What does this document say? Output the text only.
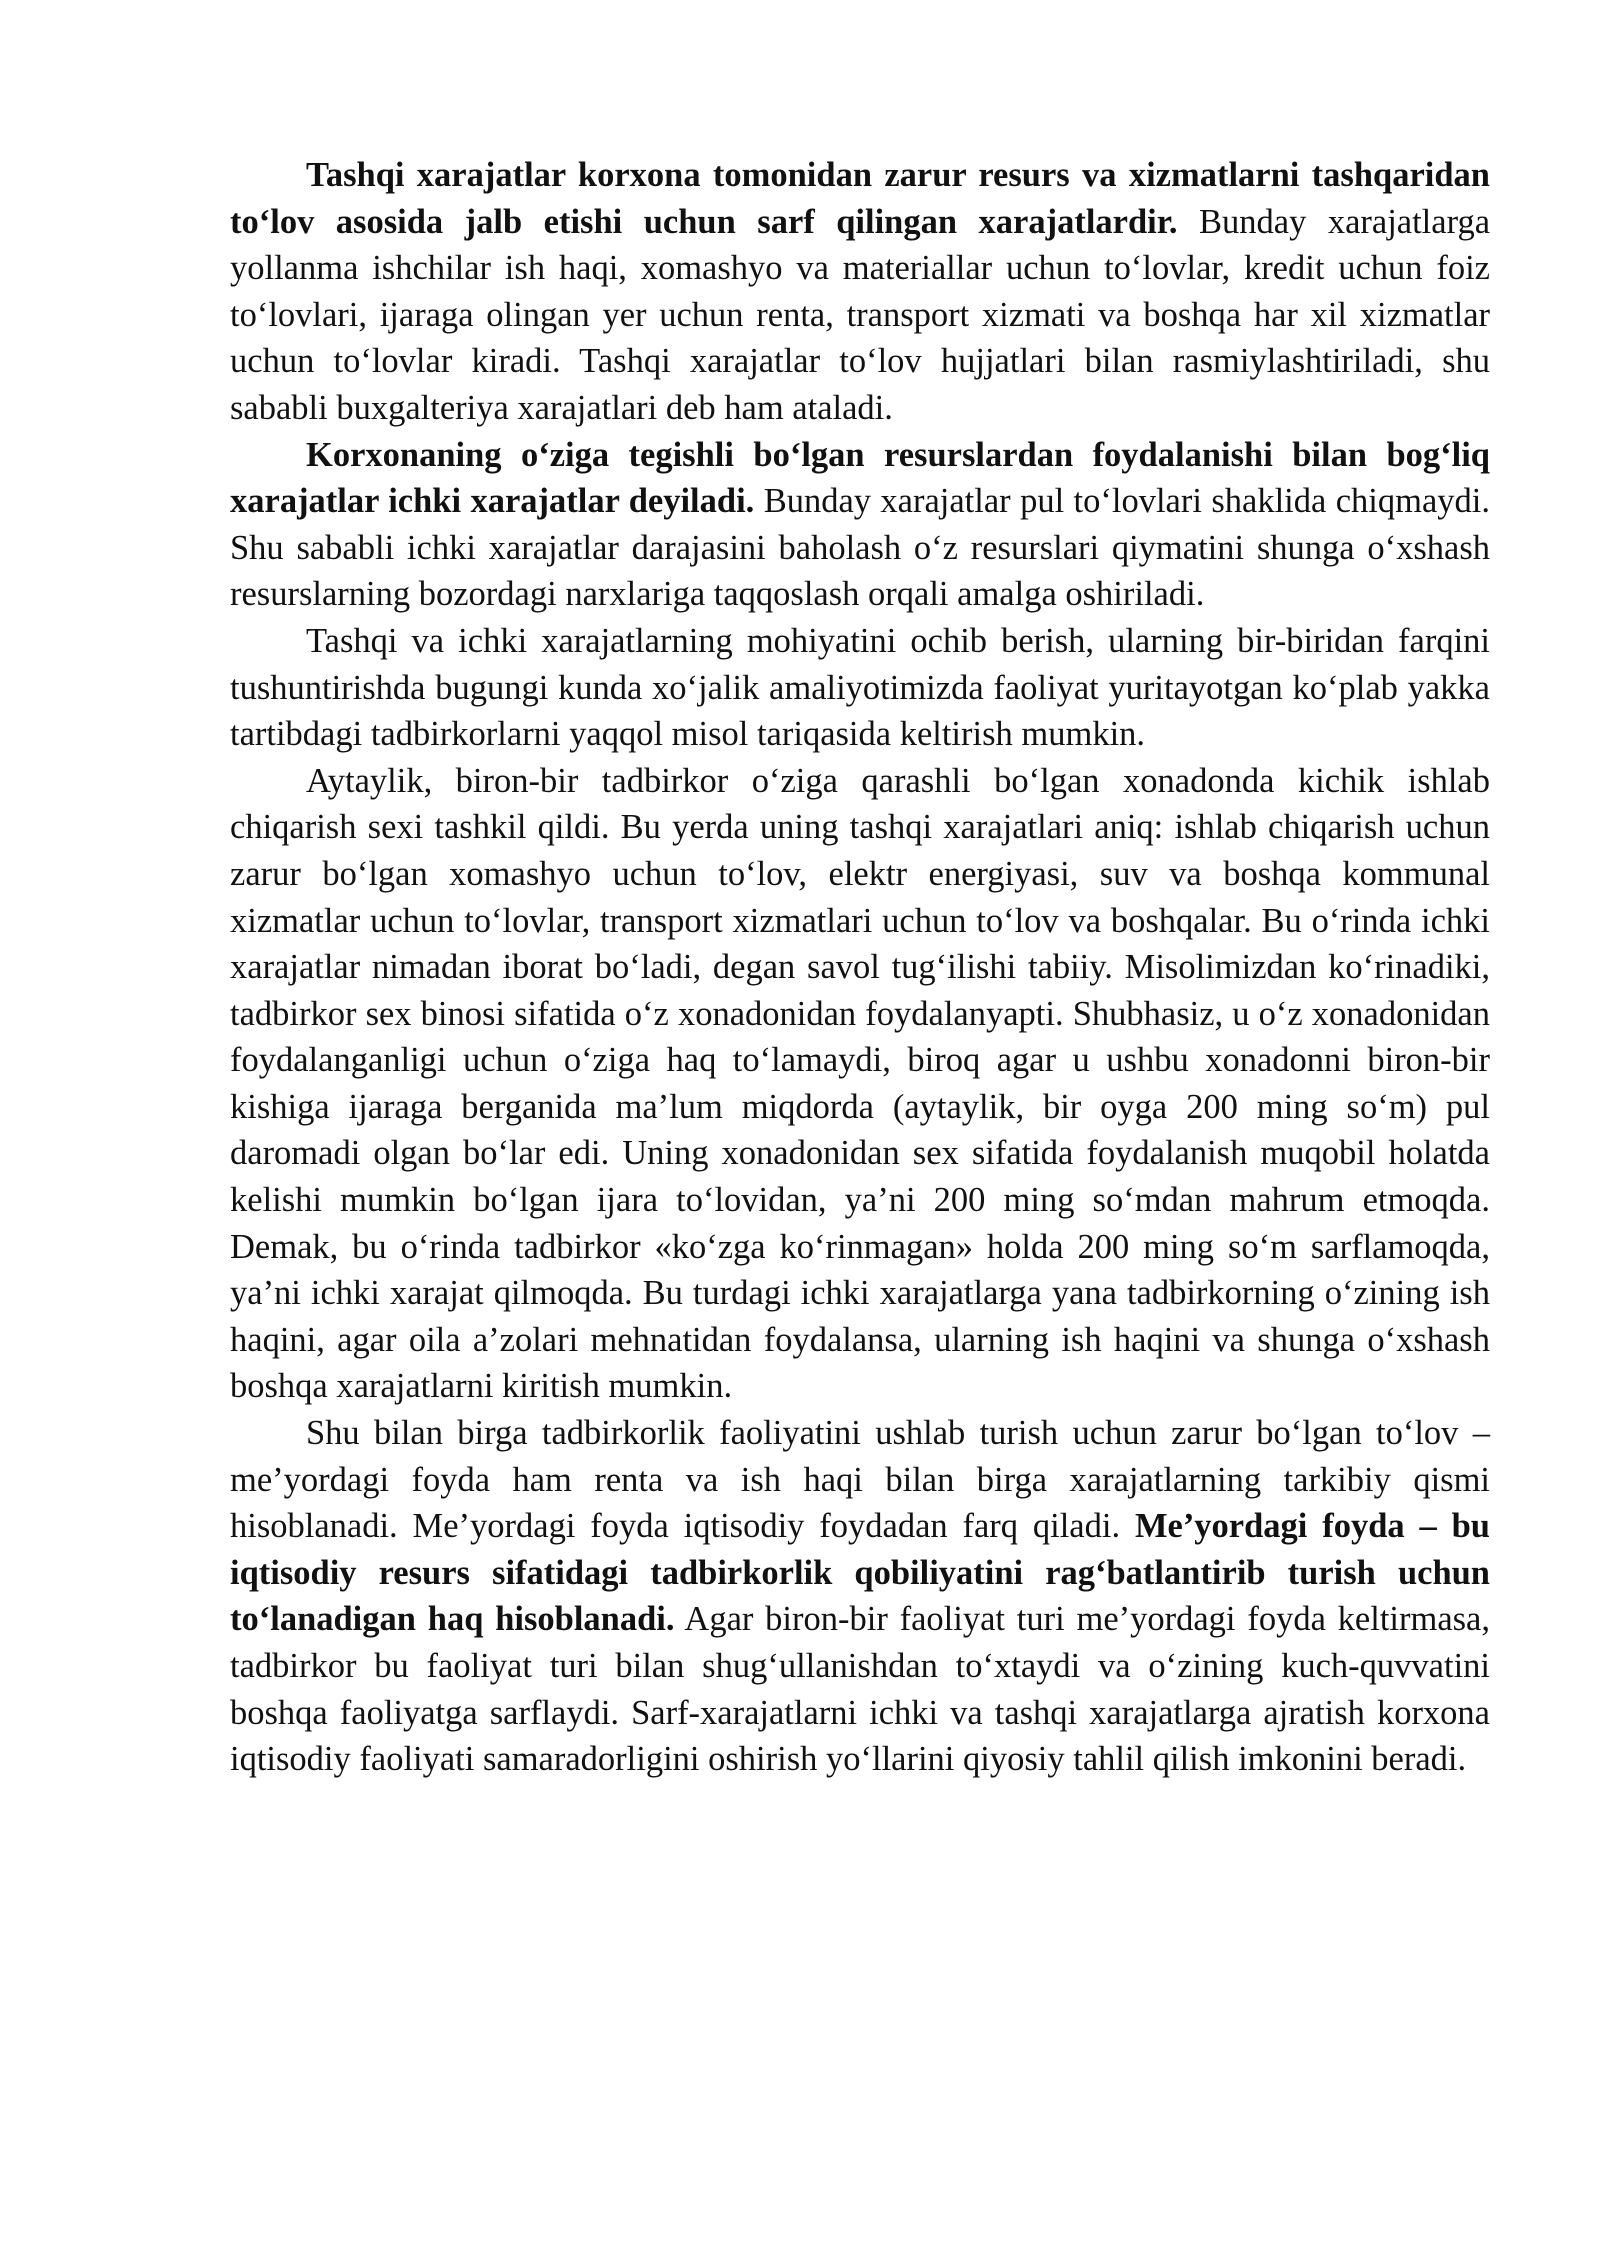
Tashqi xarajatlar korxona tomonidan zarur resurs va xizmatlarni tashqaridan to‘lov asosida jalb etishi uchun sarf qilingan xarajatlardir. Bunday xarajatlarga yollanma ishchilar ish haqi, xomashyo va materiallar uchun to‘lovlar, kredit uchun foiz to‘lovlari, ijaraga olingan yer uchun renta, transport xizmati va boshqa har xil xizmatlar uchun to‘lovlar kiradi. Tashqi xarajatlar to‘lov hujjatlari bilan rasmiylashtiriladi, shu sababli buxgalteriya xarajatlari deb ham ataladi.

Korxonaning o‘ziga tegishli bo‘lgan resurslardan foydalanishi bilan bog‘liq xarajatlar ichki xarajatlar deyiladi. Bunday xarajatlar pul to‘lovlari shaklida chiqmaydi. Shu sababli ichki xarajatlar darajasini baholash o‘z resurslari qiymatini shunga o‘xshash resurslarning bozordagi narxlariga taqqoslash orqali amalga oshiriladi.

Tashqi va ichki xarajatlarning mohiyatini ochib berish, ularning bir-biridan farqini tushuntirishda bugungi kunda xo‘jalik amaliyotimizda faoliyat yuritayotgan ko‘plab yakka tartibdagi tadbirkorlarni yaqqol misol tariqasida keltirish mumkin.

Aytaylik, biron-bir tadbirkor o‘ziga qarashli bo‘lgan xonadonda kichik ishlab chiqarish sexi tashkil qildi. Bu yerda uning tashqi xarajatlari aniq: ishlab chiqarish uchun zarur bo‘lgan xomashyo uchun to‘lov, elektr energiyasi, suv va boshqa kommunal xizmatlar uchun to‘lovlar, transport xizmatlari uchun to‘lov va boshqalar. Bu o‘rinda ichki xarajatlar nimadan iborat bo‘ladi, degan savol tug‘ilishi tabiiy. Misolimizdan ko‘rinadiki, tadbirkor sex binosi sifatida o‘z xonadonidan foydalanyapti. Shubhasiz, u o‘z xonadonidan foydalanganligi uchun o‘ziga haq to‘lamaydi, biroq agar u ushbu xonadonni biron-bir kishiga ijaraga berganida ma’lum miqdorda (aytaylik, bir oyga 200 ming so‘m) pul daromadi olgan bo‘lar edi. Uning xonadonidan sex sifatida foydalanish muqobil holatda kelishi mumkin bo‘lgan ijara to‘lovidan, ya’ni 200 ming so‘mdan mahrum etmoqda. Demak, bu o‘rinda tadbirkor «ko‘zga ko‘rinmagan» holda 200 ming so‘m sarflamoqda, ya’ni ichki xarajat qilmoqda. Bu turdagi ichki xarajatlarga yana tadbirkorning o‘zining ish haqini, agar oila a’zolari mehnatidan foydalansa, ularning ish haqini va shunga o‘xshash boshqa xarajatlarni kiritish mumkin.

Shu bilan birga tadbirkorlik faoliyatini ushlab turish uchun zarur bo‘lgan to‘lov – me’yordagi foyda ham renta va ish haqi bilan birga xarajatlarning tarkibiy qismi hisoblanadi. Me’yordagi foyda iqtisodiy foydadan farq qiladi. Me’yordagi foyda – bu iqtisodiy resurs sifatidagi tadbirkorlik qobiliyatini rag‘batlantirib turish uchun to‘lanadigan haq hisoblanadi. Agar biron-bir faoliyat turi me’yordagi foyda keltirmasa, tadbirkor bu faoliyat turi bilan shug‘ullanishdan to‘xtaydi va o‘zining kuch-quvvatini boshqa faoliyatga sarflaydi. Sarf-xarajatlarni ichki va tashqi xarajatlarga ajratish korxona iqtisodiy faoliyati samaradorligini oshirish yo‘llarini qiyosiy tahlil qilish imkonini beradi.
